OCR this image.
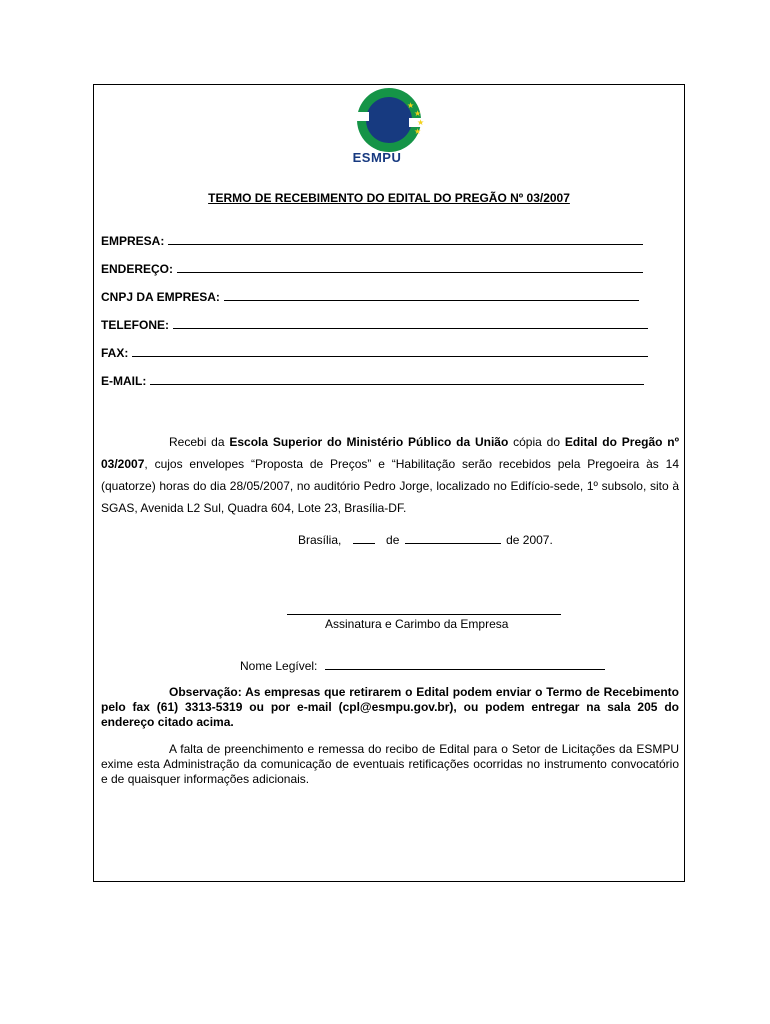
★
★
★
★
ESMPU
TERMO DE RECEBIMENTO DO EDITAL DO PREGÃO Nº 03/2007
EMPRESA:
ENDEREÇO:
CNPJ DA EMPRESA:
TELEFONE:
FAX:
E-MAIL:

Recebi da Escola Superior do Ministério Público da União cópia do Edital do Pregão nº 03/2007, cujos envelopes “Proposta de Preços” e “Habilitação serão recebidos pela Pregoeira às 14 (quatorze) horas do dia 28/05/2007, no auditório Pedro Jorge, localizado no Edifício-sede, 1º subsolo, sito à SGAS, Avenida L2 Sul, Quadra 604, Lote 23, Brasília-DF.

Brasília,	de	de 2007.
Assinatura e Carimbo da Empresa
Nome Legível:
Observação: As empresas que retirarem o Edital podem enviar o Termo de Recebimento pelo fax (61) 3313-5319 ou por e-mail (cpl@esmpu.gov.br), ou podem entregar na sala 205 do endereço citado acima.
A falta de preenchimento e remessa do recibo de Edital para o Setor de Licitações da ESMPU exime esta Administração da comunicação de eventuais retificações ocorridas no instrumento convocatório e de quaisquer informações adicionais.
